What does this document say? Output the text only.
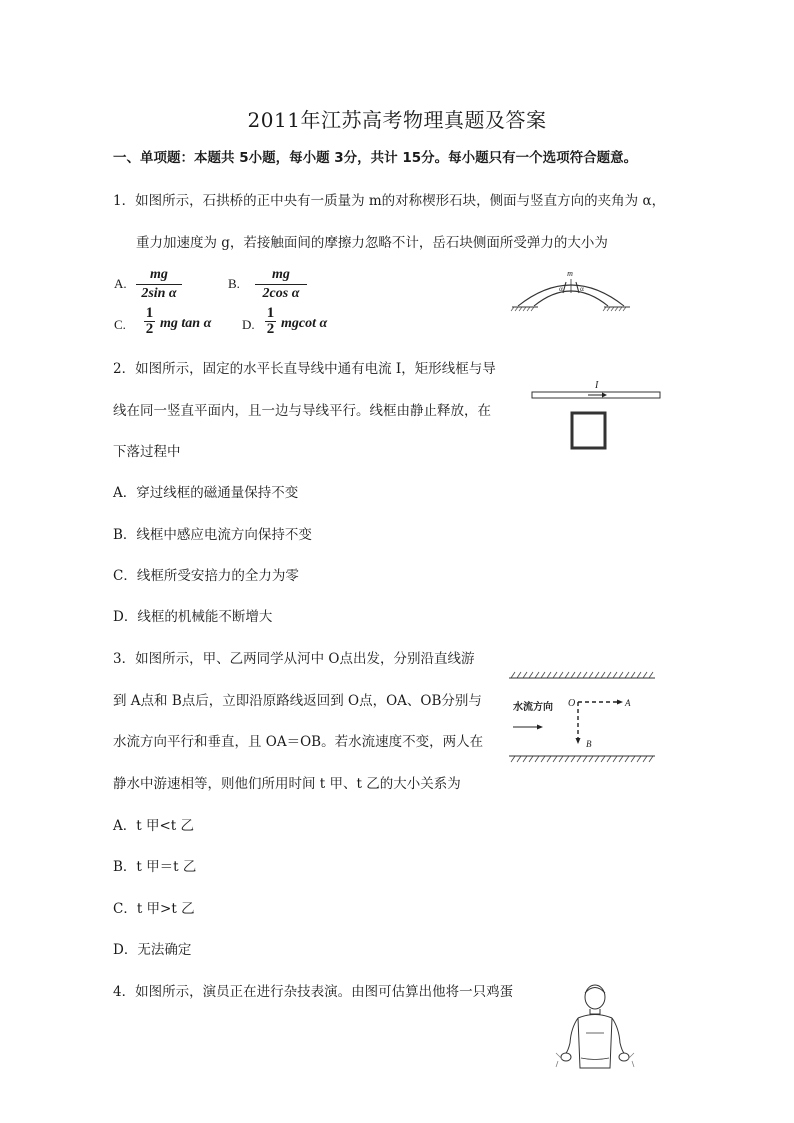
2011年江苏高考物理真题及答案
一、单项题：本题共 5小题，每小题 3分，共计 15分。每小题只有一个选项符合题意。
1．如图所示，石拱桥的正中央有一质量为 m的对称楔形石块，侧面与竖直方向的夹角为 α，
重力加速度为 g，若接触面间的摩擦力忽略不计，岳石块侧面所受弹力的大小为
A.
mg
2sin α
B.
mg
2cos α
C.
1
2 mg tan α D.
1
2 mgcot α
m
α α
2．如图所示，固定的水平长直导线中通有电流 I，矩形线框与导
线在同一竖直平面内，且一边与导线平行。线框由静止释放，在
下落过程中
I
A．穿过线框的磁通量保持不变
B．线框中感应电流方向保持不变
C．线框所受安掊力的全力为零
D．线框的机械能不断增大
3．如图所示，甲、乙两同学从河中 O点出发，分别沿直线游
到 A点和 B点后，立即沿原路线返回到 O点，OA、OB分别与
水流方向平行和垂直，且 OA＝OB。若水流速度不变，两人在
静水中游速相等，则他们所用时间 t 甲、t 乙的大小关系为
水流方向 O	A
B
A．t 甲<t 乙
B．t 甲＝t 乙
C．t 甲>t 乙
D．无法确定
4．如图所示，演员正在进行杂技表演。由图可估算出他将一只鸡蛋
